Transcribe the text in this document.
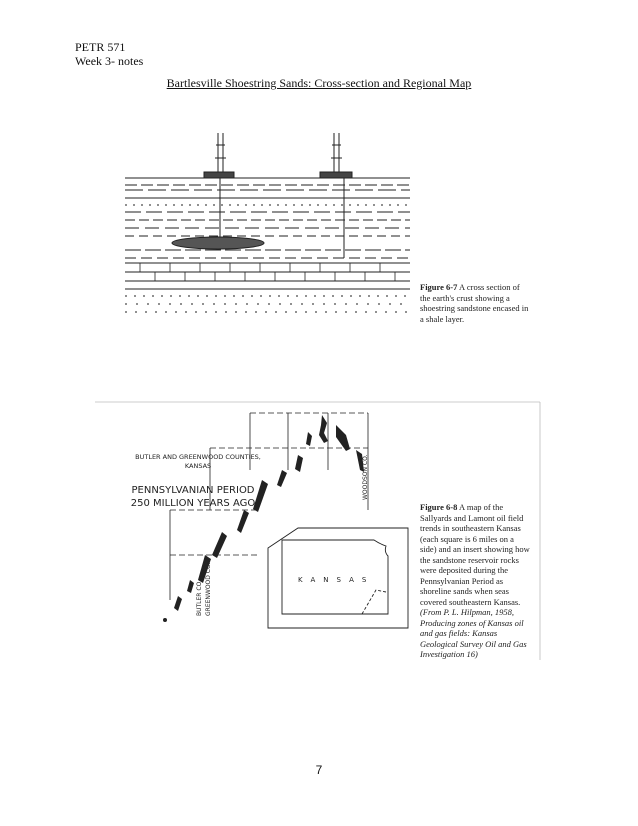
PETR 571
Week 3- notes
Bartlesville Shoestring Sands: Cross-section and Regional Map
BUTLER AND GREENWOOD COUNTIES,
KANSAS
PENNSYLVANIAN PERIOD
250 MILLION YEARS AGO
KANSAS
WOODSON CO.
BUTLER CO. GREENWOOD CO.
Figure 6-7 A cross section of the earth's crust showing a shoestring sandstone encased in a shale layer.
Figure 6-8 A map of the Sallyards and Lamont oil field trends in southeastern Kansas (each square is 6 miles on a side) and an insert showing how the sandstone reservoir rocks were deposited during the Pennsylvanian Period as shoreline sands when seas covered southeastern Kansas. (From P. L. Hilpman, 1958, Producing zones of Kansas oil and gas fields: Kansas Geological Survey Oil and Gas Investigation 16)
7
